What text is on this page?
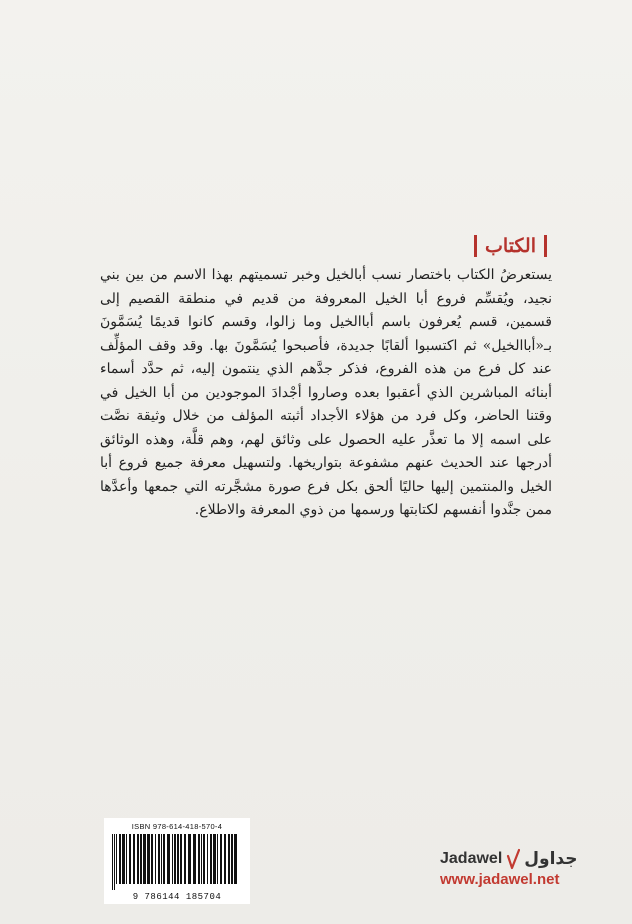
الكتاب

يستعرضُ الكتاب باختصار نسب أبالخيل وخبر تسميتهم بهذا الاسم من بين بني نجيد، ويُقسِّم فروع أبا الخيل المعروفة من قديم في منطقة القصيم إلى قسمين، قسم يُعرفون باسم أباالخيل وما زالوا، وقسم كانوا قديمًا يُسَمَّونَ بـ«أباالخيل» ثم اكتسبوا ألقابًا جديدة، فأصبحوا يُسَمَّونَ بها. وقد وقف المؤلِّف عند كل فرع من هذه الفروع، فذكر جدَّهم الذي ينتمون إليه، ثم حدَّد أسماء أبنائه المباشرين الذي أعقبوا بعده وصاروا أجْدادَ الموجودين من أبا الخيل في وقتنا الحاضر، وكل فرد من هؤلاء الأجداد أثبته المؤلف من خلال وثيقة نصَّت على اسمه إلا ما تعذَّر عليه الحصول على وثائق لهم، وهم قلَّة، وهذه الوثائق أدرجها عند الحديث عنهم مشفوعة بتواريخها. ولتسهيل معرفة جميع فروع أبا الخيل والمنتمين إليها حاليًا ألحق بكل فرع صورة مشجَّرته التي جمعها وأعدَّها ممن جنَّدوا أنفسهم لكتابتها ورسمها من ذوي المعرفة والاطلاع.

ISBN 978-614-418-570-4
9 786144 185704
Jadawel جداول
www.jadawel.net
